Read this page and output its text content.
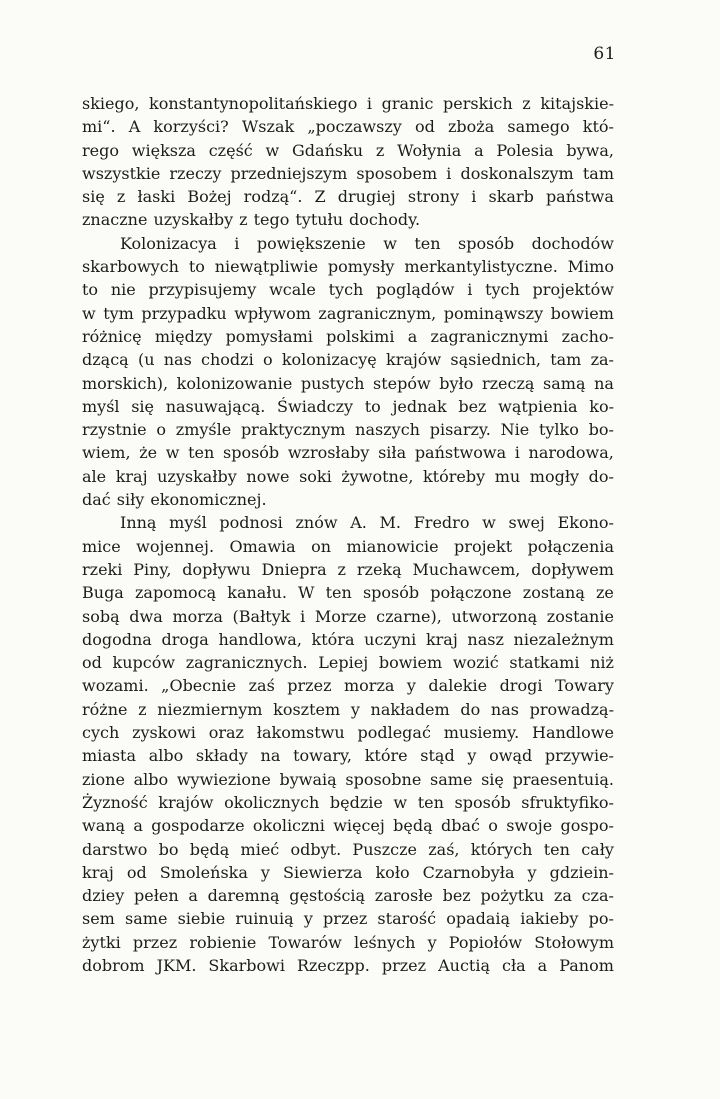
61
skiego, konstantynopolitańskiego i granic perskich z kitajskie-
mi“. A korzyści? Wszak „poczawszy od zboża samego któ-
rego większa część w Gdańsku z Wołynia a Polesia bywa,
wszystkie rzeczy przedniejszym sposobem i doskonalszym tam
się z łaski Bożej rodzą“. Z drugiej strony i skarb państwa
znaczne uzyskałby z tego tytułu dochody.
Kolonizacya i powiększenie w ten sposób dochodów
skarbowych to niewątpliwie pomysły merkantylistyczne. Mimo
to nie przypisujemy wcale tych poglądów i tych projektów
w tym przypadku wpływom zagranicznym, pominąwszy bowiem
różnicę między pomysłami polskimi a zagranicznymi zacho-
dzącą (u nas chodzi o kolonizacyę krajów sąsiednich, tam za-
morskich), kolonizowanie pustych stepów było rzeczą samą na
myśl się nasuwającą. Świadczy to jednak bez wątpienia ko-
rzystnie o zmyśle praktycznym naszych pisarzy. Nie tylko bo-
wiem, że w ten sposób wzrosłaby siła państwowa i narodowa,
ale kraj uzyskałby nowe soki żywotne, któreby mu mogły do-
dać siły ekonomicznej.
Inną myśl podnosi znów A. M. Fredro w swej Ekono-
mice wojennej. Omawia on mianowicie projekt połączenia
rzeki Piny, dopływu Dniepra z rzeką Muchawcem, dopływem
Buga zapomocą kanału. W ten sposób połączone zostaną ze
sobą dwa morza (Bałtyk i Morze czarne), utworzoną zostanie
dogodna droga handlowa, która uczyni kraj nasz niezależnym
od kupców zagranicznych. Lepiej bowiem wozić statkami niż
wozami. „Obecnie zaś przez morza y dalekie drogi Towary
różne z niezmiernym kosztem y nakładem do nas prowadzą-
cych zyskowi oraz łakomstwu podlegać musiemy. Handlowe
miasta albo składy na towary, które stąd y owąd przywie-
zione albo wywiezione bywaią sposobne same się praesentuią.
Żyzność krajów okolicznych będzie w ten sposób sfruktyfiko-
waną a gospodarze okoliczni więcej będą dbać o swoje gospo-
darstwo bo będą mieć odbyt. Puszcze zaś, których ten cały
kraj od Smoleńska y Siewierza koło Czarnobyła y gdziein-
dziey pełen a daremną gęstością zarosłe bez pożytku za cza-
sem same siebie ruinuią y przez starość opadaią iakieby po-
żytki przez robienie Towarów leśnych y Popiołów Stołowym
dobrom JKM. Skarbowi Rzeczpp. przez Auctią cła a Panom
